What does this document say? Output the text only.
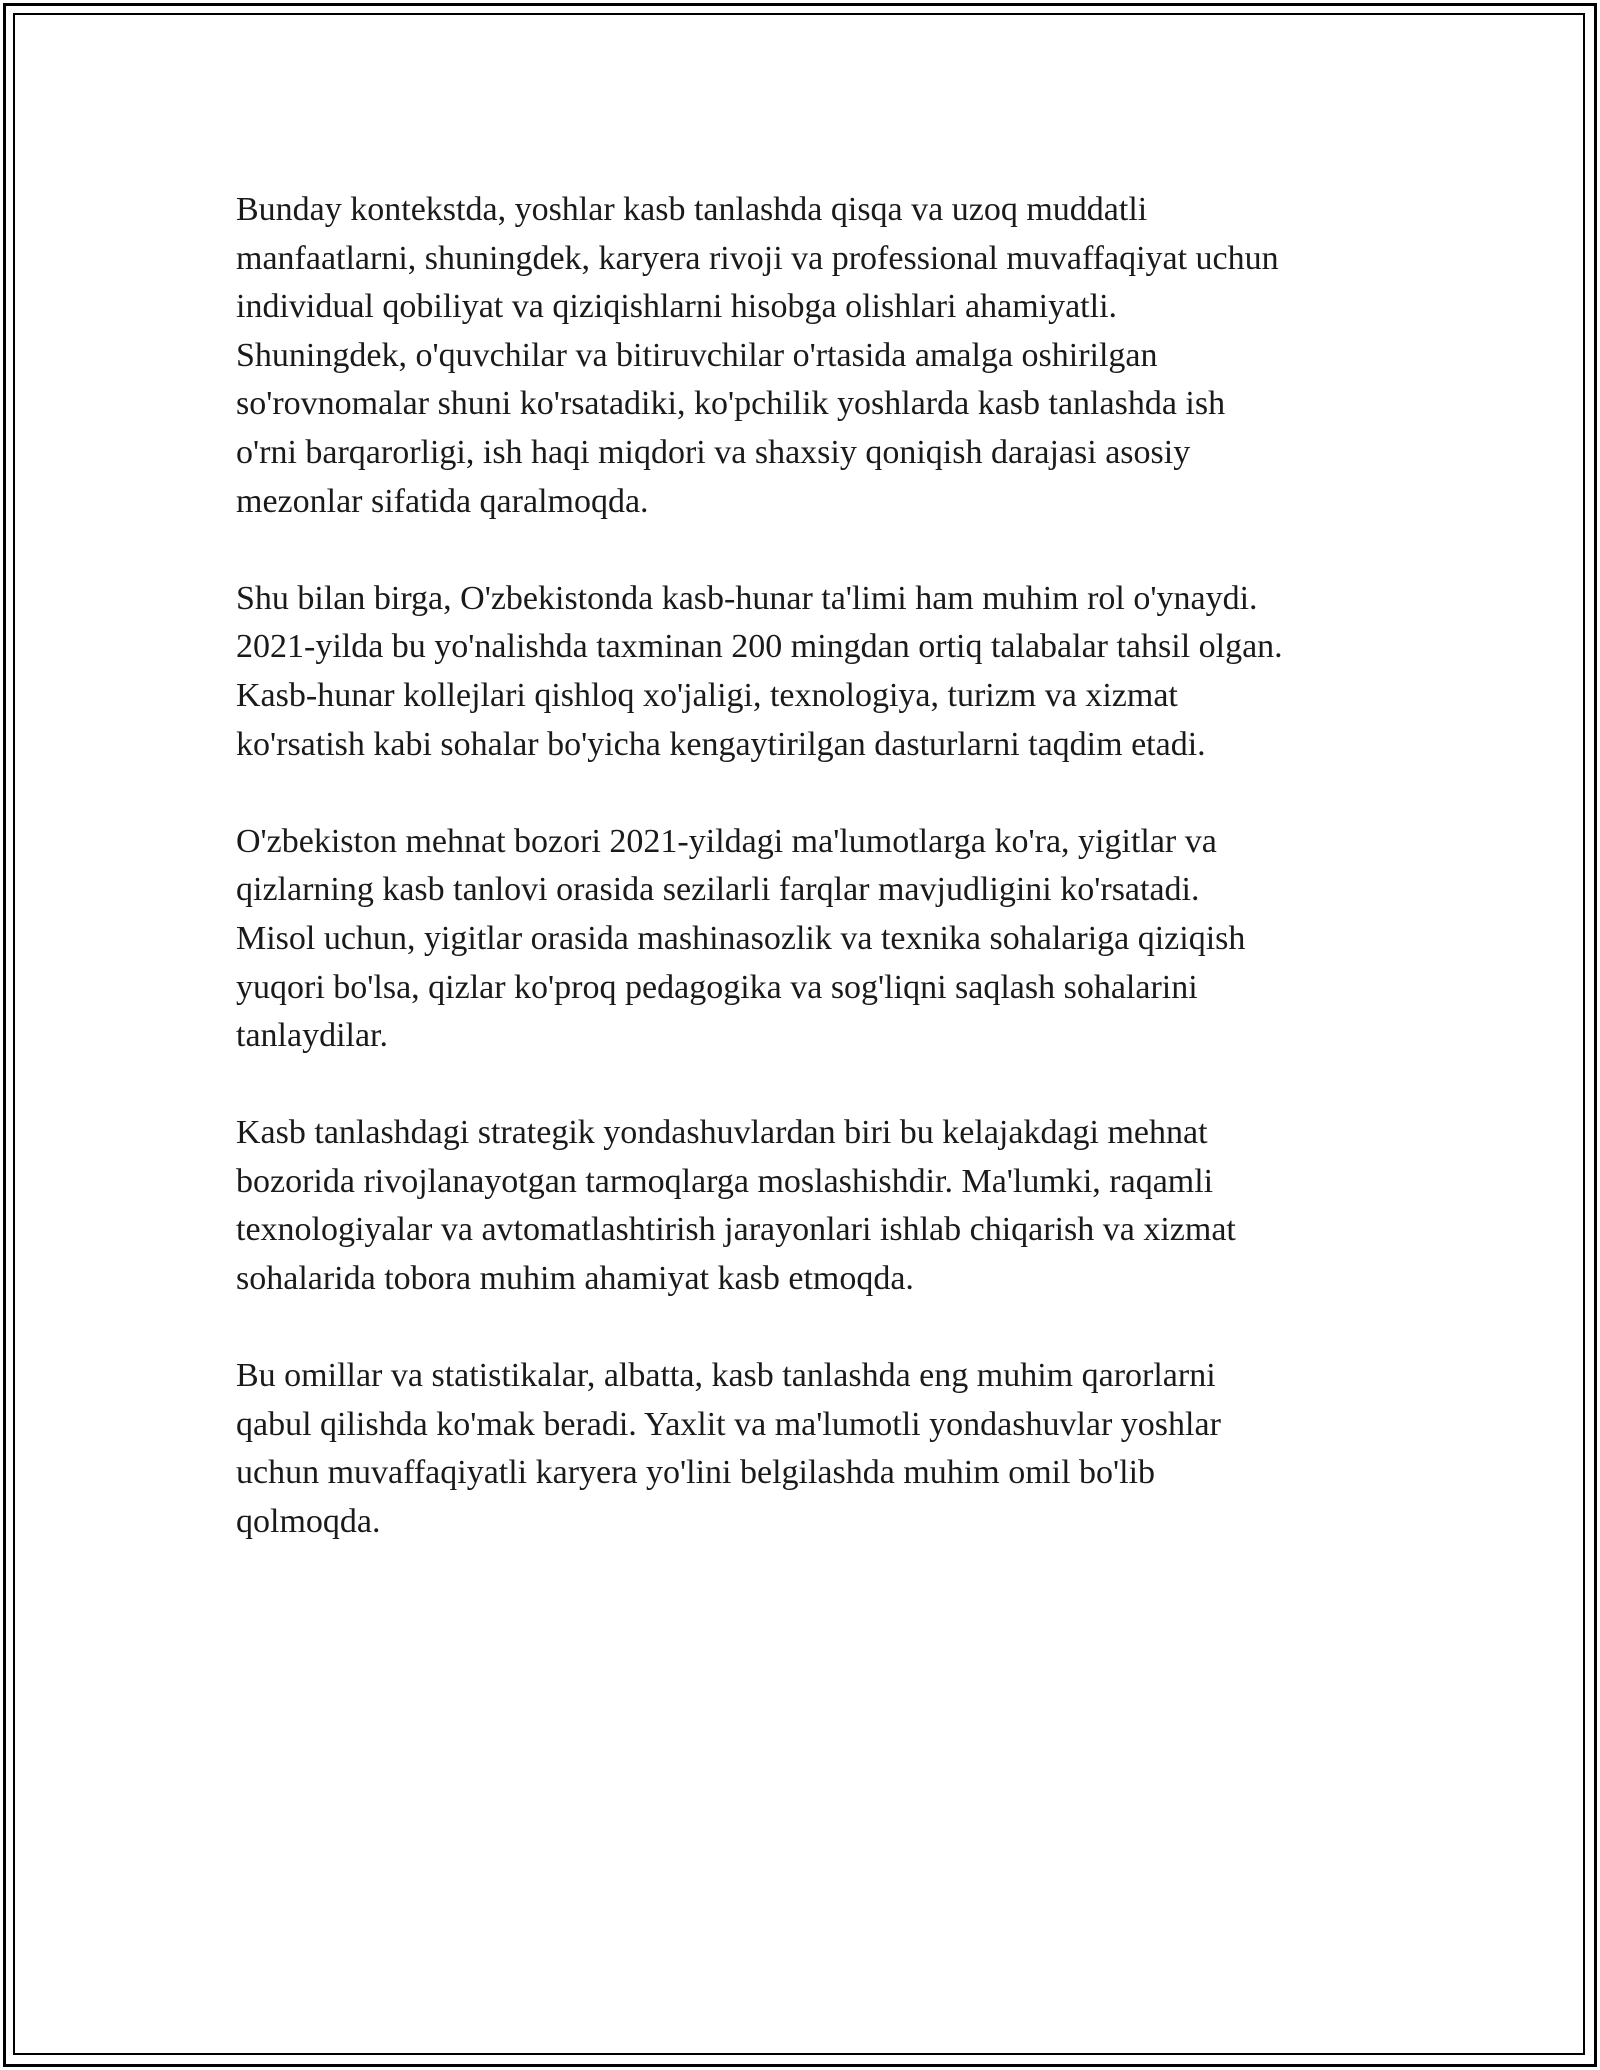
Bunday kontekstda, yoshlar kasb tanlashda qisqa va uzoq muddatli
manfaatlarni, shuningdek, karyera rivoji va professional muvaffaqiyat uchun
individual qobiliyat va qiziqishlarni hisobga olishlari ahamiyatli.
Shuningdek, o'quvchilar va bitiruvchilar o'rtasida amalga oshirilgan
so'rovnomalar shuni ko'rsatadiki, ko'pchilik yoshlarda kasb tanlashda ish
o'rni barqarorligi, ish haqi miqdori va shaxsiy qoniqish darajasi asosiy
mezonlar sifatida qaralmoqda.

Shu bilan birga, O'zbekistonda kasb-hunar ta'limi ham muhim rol o'ynaydi.
2021-yilda bu yo'nalishda taxminan 200 mingdan ortiq talabalar tahsil olgan.
Kasb-hunar kollejlari qishloq xo'jaligi, texnologiya, turizm va xizmat
ko'rsatish kabi sohalar bo'yicha kengaytirilgan dasturlarni taqdim etadi.

O'zbekiston mehnat bozori 2021-yildagi ma'lumotlarga ko'ra, yigitlar va
qizlarning kasb tanlovi orasida sezilarli farqlar mavjudligini ko'rsatadi.
Misol uchun, yigitlar orasida mashinasozlik va texnika sohalariga qiziqish
yuqori bo'lsa, qizlar ko'proq pedagogika va sog'liqni saqlash sohalarini
tanlaydilar.

Kasb tanlashdagi strategik yondashuvlardan biri bu kelajakdagi mehnat
bozorida rivojlanayotgan tarmoqlarga moslashishdir. Ma'lumki, raqamli
texnologiyalar va avtomatlashtirish jarayonlari ishlab chiqarish va xizmat
sohalarida tobora muhim ahamiyat kasb etmoqda.

Bu omillar va statistikalar, albatta, kasb tanlashda eng muhim qarorlarni
qabul qilishda ko'mak beradi. Yaxlit va ma'lumotli yondashuvlar yoshlar
uchun muvaffaqiyatli karyera yo'lini belgilashda muhim omil bo'lib
qolmoqda.
